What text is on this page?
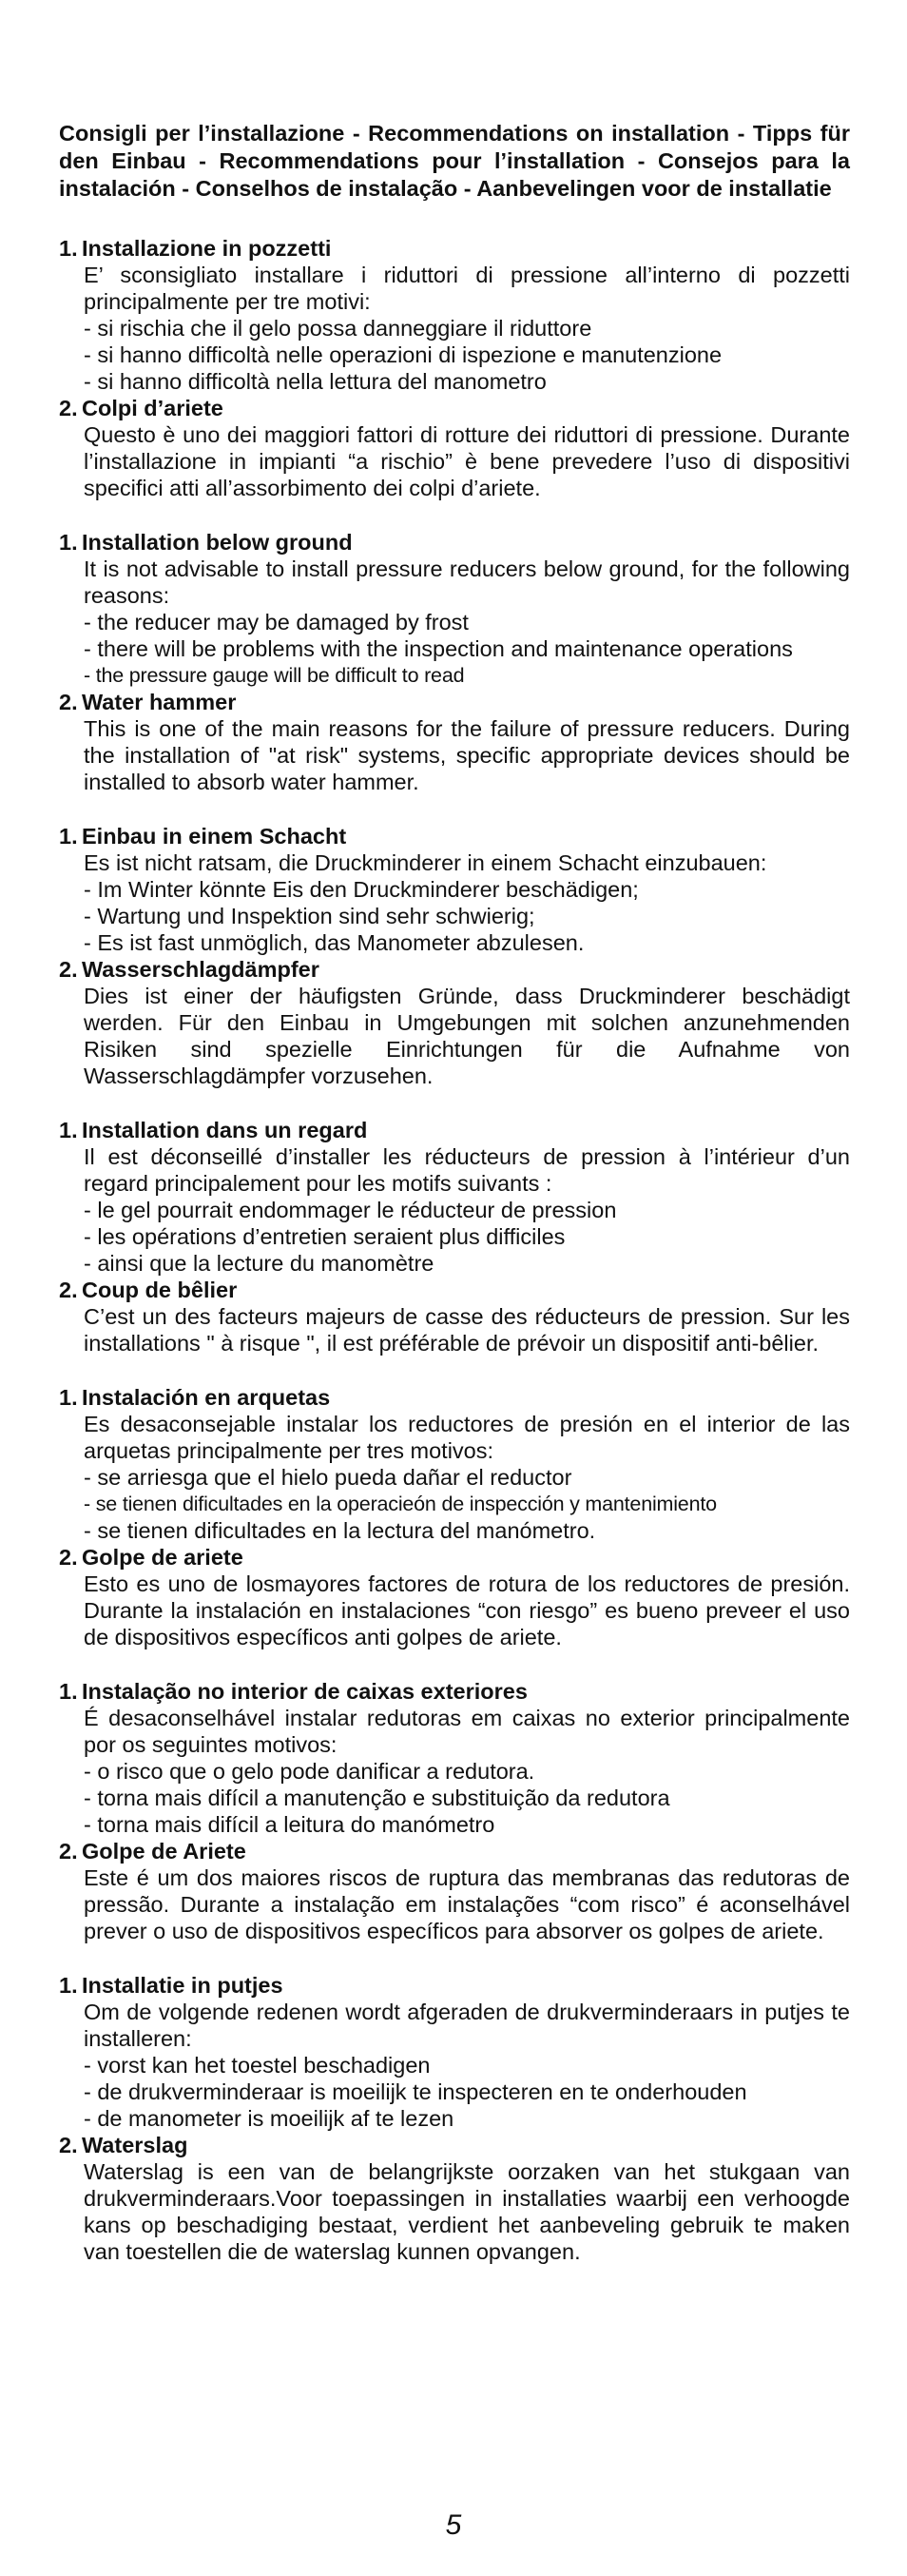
Consigli per l’installazione - Recommendations on installation - Tipps für den Einbau - Recommendations pour l’installation - Consejos para la instalación - Conselhos de instalação - Aanbevelingen voor de installatie

1. Installazione in pozzetti

E’ sconsigliato installare i riduttori di pressione all’interno di pozzetti principalmente per tre motivi:

- si rischia che il gelo possa danneggiare il riduttore
- si hanno difficoltà nelle operazioni di ispezione e manutenzione
- si hanno difficoltà nella lettura del manometro
2. Colpi d’ariete

Questo è uno dei maggiori fattori di rotture dei riduttori di pressione. Durante l’installazione in impianti “a rischio” è bene prevedere l’uso di dispositivi specifici atti all’assorbimento dei colpi d’ariete.

1. Installation below ground

It is not advisable to install pressure reducers below ground, for the following reasons:

- the reducer may be damaged by frost
- there will be problems with the inspection and maintenance operations
- the pressure gauge will be difficult to read
2. Water hammer

This is one of the main reasons for the failure of pressure reducers. During the installation of "at risk" systems, specific appropriate devices should be installed to absorb water hammer.

1. Einbau in einem Schacht

Es ist nicht ratsam, die Druckminderer in einem Schacht einzubauen:

- Im Winter könnte Eis den Druckminderer beschädigen;
- Wartung und Inspektion sind sehr schwierig;
- Es ist fast unmöglich, das Manometer abzulesen.
2. Wasserschlagdämpfer

Dies ist einer der häufigsten Gründe, dass Druckminderer beschädigt werden. Für den Einbau in Umgebungen mit solchen anzunehmenden Risiken sind spezielle Einrichtungen für die Aufnahme von Wasserschlagdämpfer vorzusehen.

1. Installation dans un regard

Il est déconseillé d’installer les réducteurs de pression à l’intérieur d’un regard principalement pour les motifs suivants :

- le gel pourrait endommager le réducteur de pression
- les opérations d’entretien seraient plus difficiles
- ainsi que la lecture du manomètre
2. Coup de bêlier

C’est un des facteurs majeurs de casse des réducteurs de pression. Sur les installations " à risque ", il est préférable de prévoir un dispositif anti-bêlier.

1. Instalación en arquetas

Es desaconsejable instalar los reductores de presión en el interior de las arquetas principalmente per tres motivos:

- se arriesga que el hielo pueda dañar el reductor
- se tienen dificultades en la operacieón de inspección y mantenimiento
- se tienen dificultades en la lectura del manómetro.
2. Golpe de ariete

Esto es uno de losmayores factores de rotura de los reductores de presión. Durante la instalación en instalaciones “con riesgo” es bueno preveer el uso de dispositivos específicos anti golpes de ariete.

1. Instalação no interior de caixas exteriores

É desaconselhável instalar redutoras em caixas no exterior principalmente por os seguintes motivos:

- o risco que o gelo pode danificar a redutora.
- torna mais difícil a manutenção e substituição da redutora
- torna mais difícil a leitura do manómetro
2. Golpe de Ariete

Este é um dos maiores riscos de ruptura das membranas das redutoras de pressão. Durante a instalação em instalações “com risco” é aconselhável prever o uso de dispositivos específicos para absorver os golpes de ariete.

1. Installatie in putjes

Om de volgende redenen wordt afgeraden de drukverminderaars in putjes te installeren:

- vorst kan het toestel beschadigen
- de drukverminderaar is moeilijk te inspecteren en te onderhouden
- de manometer is moeilijk af te lezen
2. Waterslag

Waterslag is een van de belangrijkste oorzaken van het stukgaan van drukverminderaars.Voor toepassingen in installaties waarbij een verhoogde kans op beschadiging bestaat, verdient het aanbeveling gebruik te maken van toestellen die de waterslag kunnen opvangen.

5
